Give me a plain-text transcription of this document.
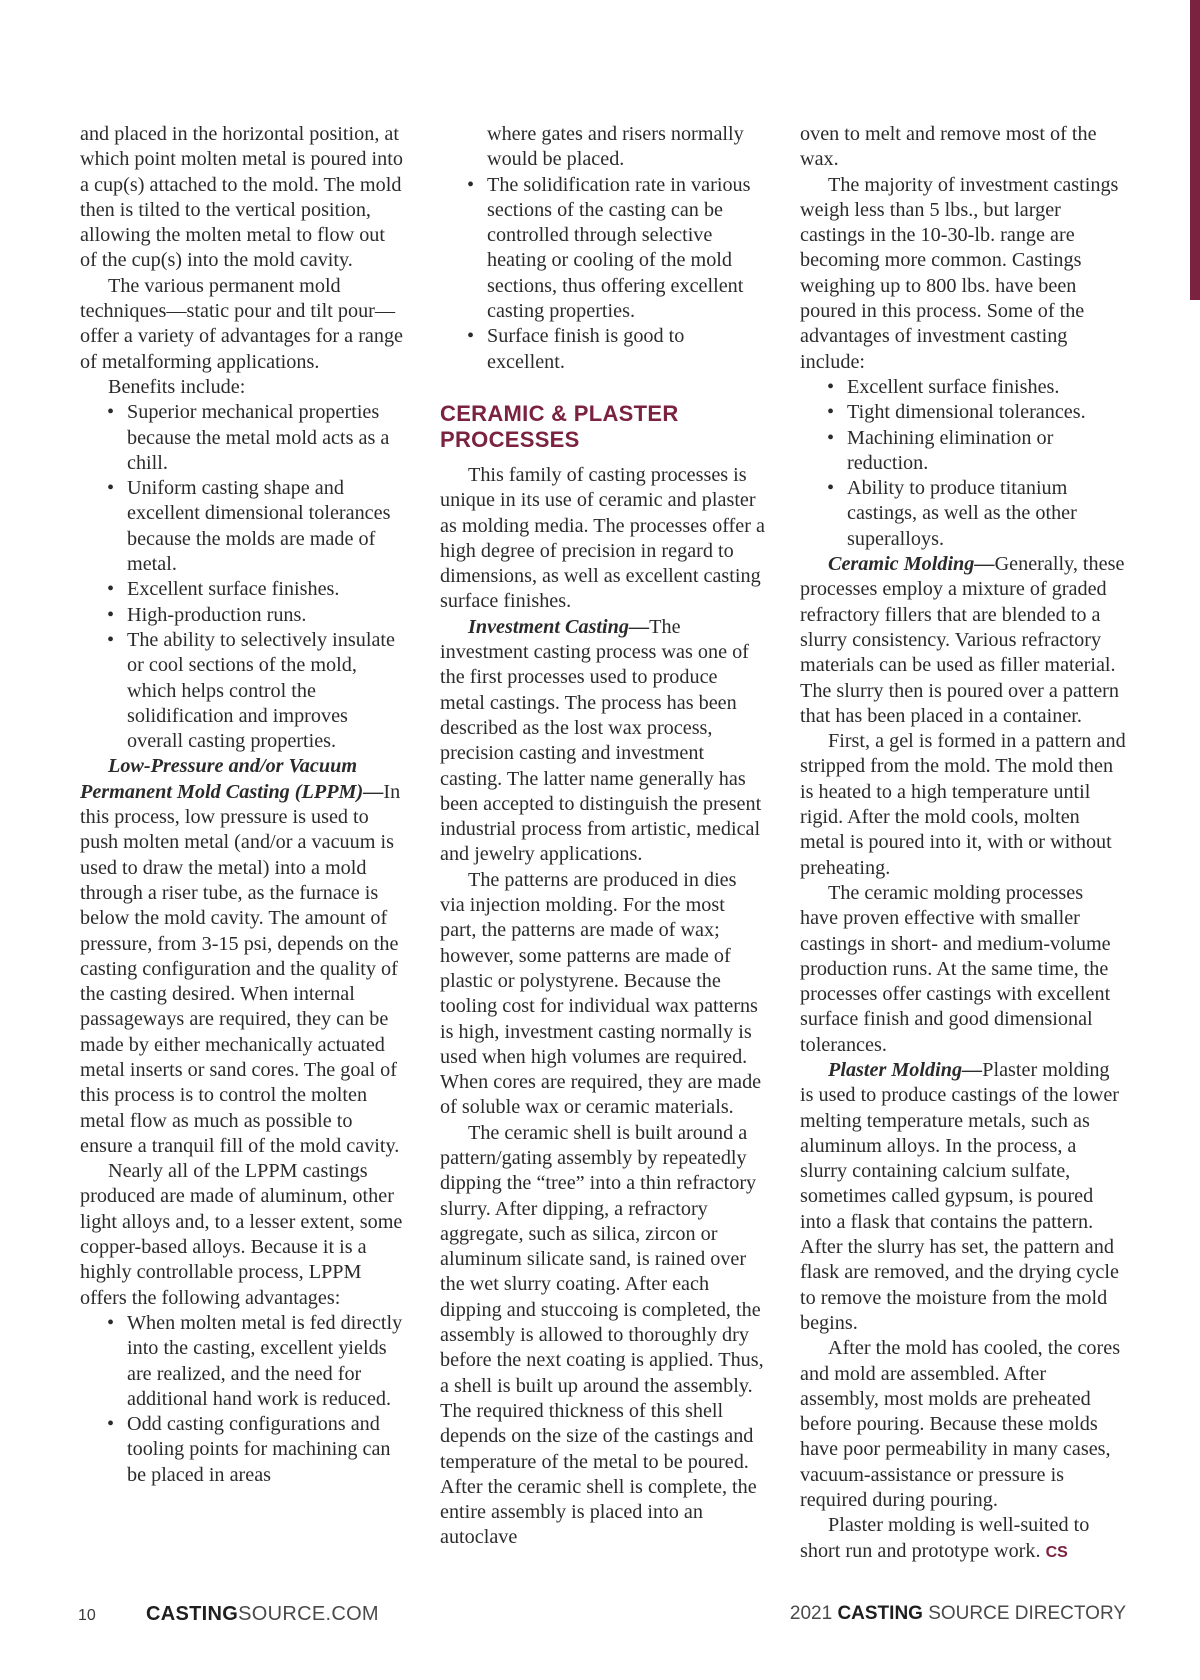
and placed in the horizontal position, at which point molten metal is poured into a cup(s) attached to the mold. The mold then is tilted to the vertical position, allowing the molten metal to flow out of the cup(s) into the mold cavity.

The various permanent mold techniques—static pour and tilt pour—offer a variety of advantages for a range of metalforming applications.

Benefits include:

• Superior mechanical properties because the metal mold acts as a chill.
• Uniform casting shape and excellent dimensional tolerances because the molds are made of metal.
• Excellent surface finishes.
• High-production runs.
• The ability to selectively insulate or cool sections of the mold, which helps control the solidification and improves overall casting properties.

Low-Pressure and/or Vacuum Permanent Mold Casting (LPPM)—In this process, low pressure is used to push molten metal (and/or a vacuum is used to draw the metal) into a mold through a riser tube, as the furnace is below the mold cavity. The amount of pressure, from 3-15 psi, depends on the casting configuration and the quality of the casting desired. When internal passageways are required, they can be made by either mechanically actuated metal inserts or sand cores. The goal of this process is to control the molten metal flow as much as possible to ensure a tranquil fill of the mold cavity.

Nearly all of the LPPM castings produced are made of aluminum, other light alloys and, to a lesser extent, some copper-based alloys. Because it is a highly controllable process, LPPM offers the following advantages:

• When molten metal is fed directly into the casting, excellent yields are realized, and the need for additional hand work is reduced.
• Odd casting configurations and tooling points for machining can be placed in areas
where gates and risers normally would be placed.
• The solidification rate in various sections of the casting can be controlled through selective heating or cooling of the mold sections, thus offering excellent casting properties.
• Surface finish is good to excellent.
CERAMIC & PLASTER PROCESSES

This family of casting processes is unique in its use of ceramic and plaster as molding media. The processes offer a high degree of precision in regard to dimensions, as well as excellent casting surface finishes.

Investment Casting—The investment casting process was one of the first processes used to produce metal castings. The process has been described as the lost wax process, precision casting and investment casting. The latter name generally has been accepted to distinguish the present industrial process from artistic, medical and jewelry applications.

The patterns are produced in dies via injection molding. For the most part, the patterns are made of wax; however, some patterns are made of plastic or polystyrene. Because the tooling cost for individual wax patterns is high, investment casting normally is used when high volumes are required. When cores are required, they are made of soluble wax or ceramic materials.

The ceramic shell is built around a pattern/gating assembly by repeatedly dipping the “tree” into a thin refractory slurry. After dipping, a refractory aggregate, such as silica, zircon or aluminum silicate sand, is rained over the wet slurry coating. After each dipping and stuccoing is completed, the assembly is allowed to thoroughly dry before the next coating is applied. Thus, a shell is built up around the assembly. The required thickness of this shell depends on the size of the castings and temperature of the metal to be poured. After the ceramic shell is complete, the entire assembly is placed into an autoclave

oven to melt and remove most of the wax.

The majority of investment castings weigh less than 5 lbs., but larger castings in the 10-30-lb. range are becoming more common. Castings weighing up to 800 lbs. have been poured in this process. Some of the advantages of investment casting include:

• Excellent surface finishes.
• Tight dimensional tolerances.
• Machining elimination or reduction.
• Ability to produce titanium castings, as well as the other superalloys.

Ceramic Molding—Generally, these processes employ a mixture of graded refractory fillers that are blended to a slurry consistency. Various refractory materials can be used as filler material. The slurry then is poured over a pattern that has been placed in a container.

First, a gel is formed in a pattern and stripped from the mold. The mold then is heated to a high temperature until rigid. After the mold cools, molten metal is poured into it, with or without preheating.

The ceramic molding processes have proven effective with smaller castings in short- and medium-volume production runs. At the same time, the processes offer castings with excellent surface finish and good dimensional tolerances.

Plaster Molding—Plaster molding is used to produce castings of the lower melting temperature metals, such as aluminum alloys. In the process, a slurry containing calcium sulfate, sometimes called gypsum, is poured into a flask that contains the pattern. After the slurry has set, the pattern and flask are removed, and the drying cycle to remove the moisture from the mold begins.

After the mold has cooled, the cores and mold are assembled. After assembly, most molds are preheated before pouring. Because these molds have poor permeability in many cases, vacuum-assistance or pressure is required during pouring.

Plaster molding is well-suited to short run and prototype work. CS

10	CASTINGSOURCE.COM	2021 CASTING SOURCE DIRECTORY
